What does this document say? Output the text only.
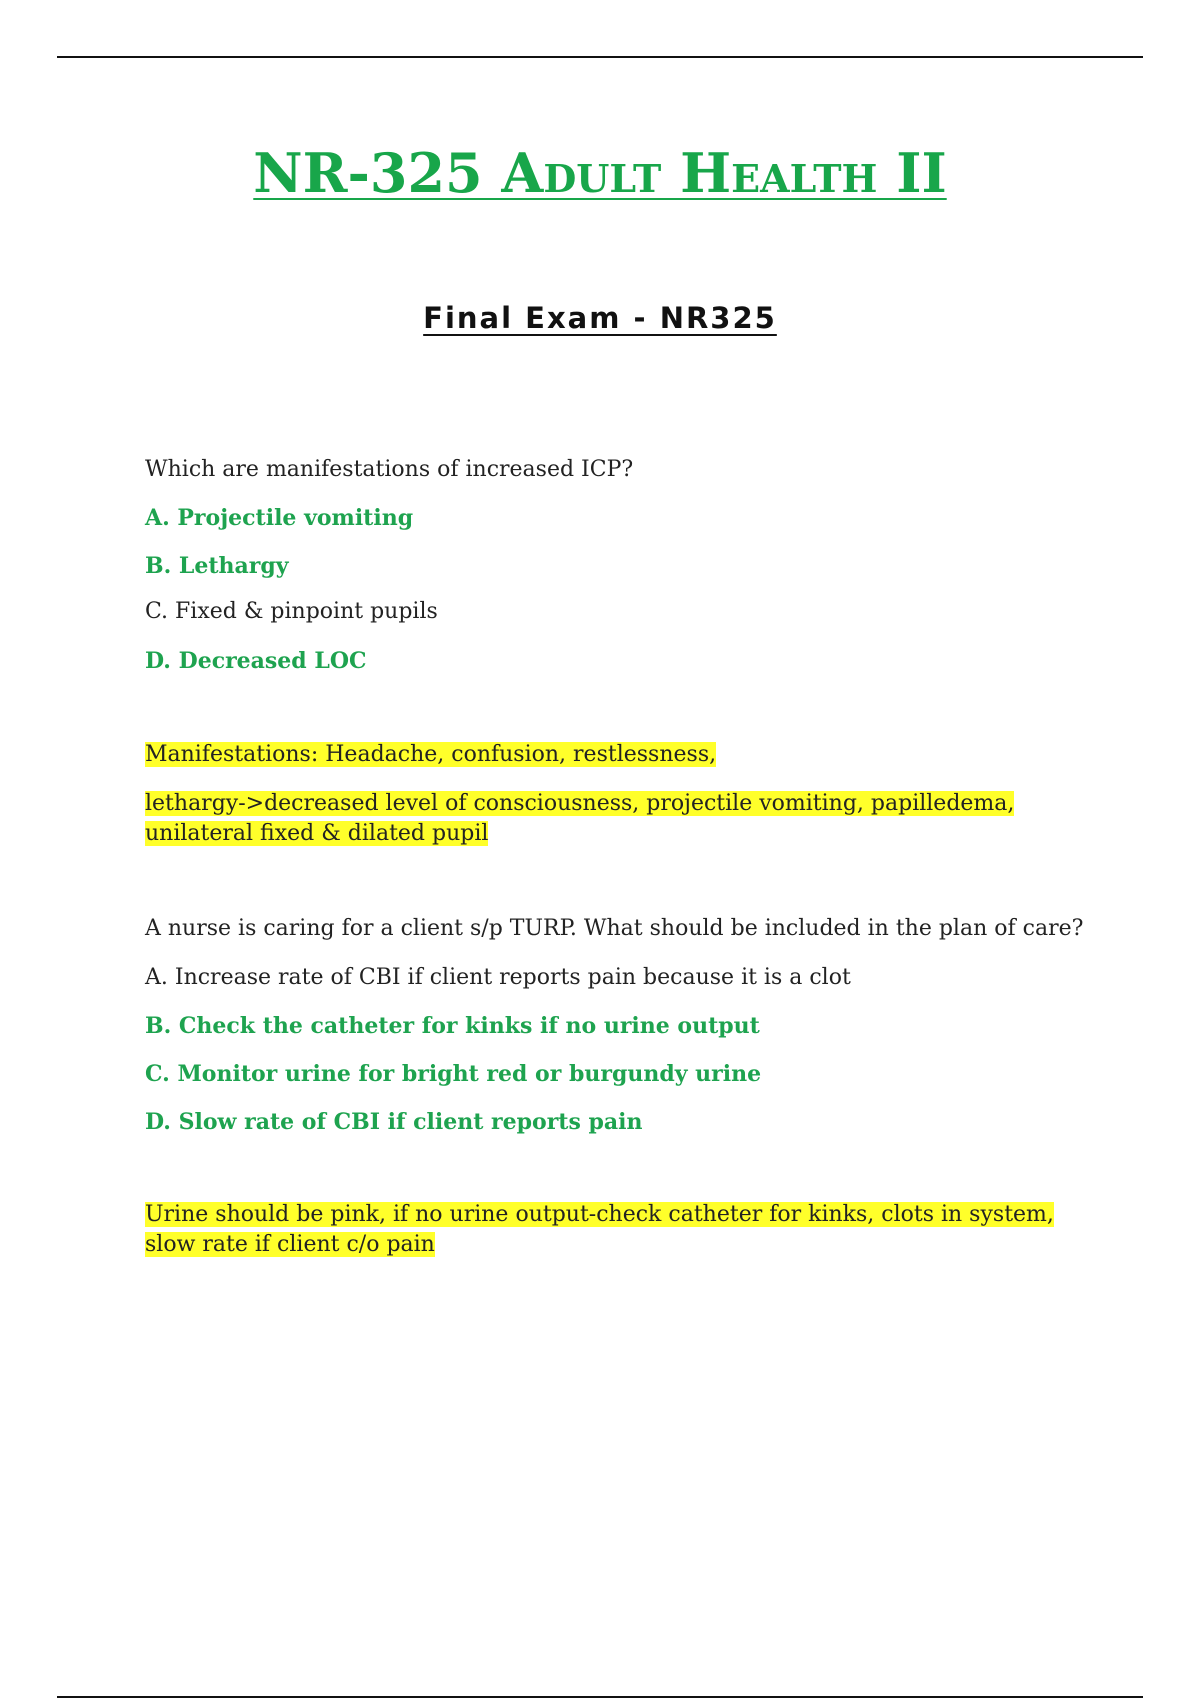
NR-325 Adult Health II
Final Exam - NR325
Which are manifestations of increased ICP?
A. Projectile vomiting
B. Lethargy
C. Fixed & pinpoint pupils
D. Decreased LOC
Manifestations: Headache, confusion, restlessness,
lethargy->decreased level of consciousness, projectile vomiting, papilledema,
unilateral fixed & dilated pupil
A nurse is caring for a client s/p TURP. What should be included in the plan of care?
A. Increase rate of CBI if client reports pain because it is a clot
B. Check the catheter for kinks if no urine output
C. Monitor urine for bright red or burgundy urine
D. Slow rate of CBI if client reports pain
Urine should be pink, if no urine output-check catheter for kinks, clots in system,
slow rate if client c/o pain
